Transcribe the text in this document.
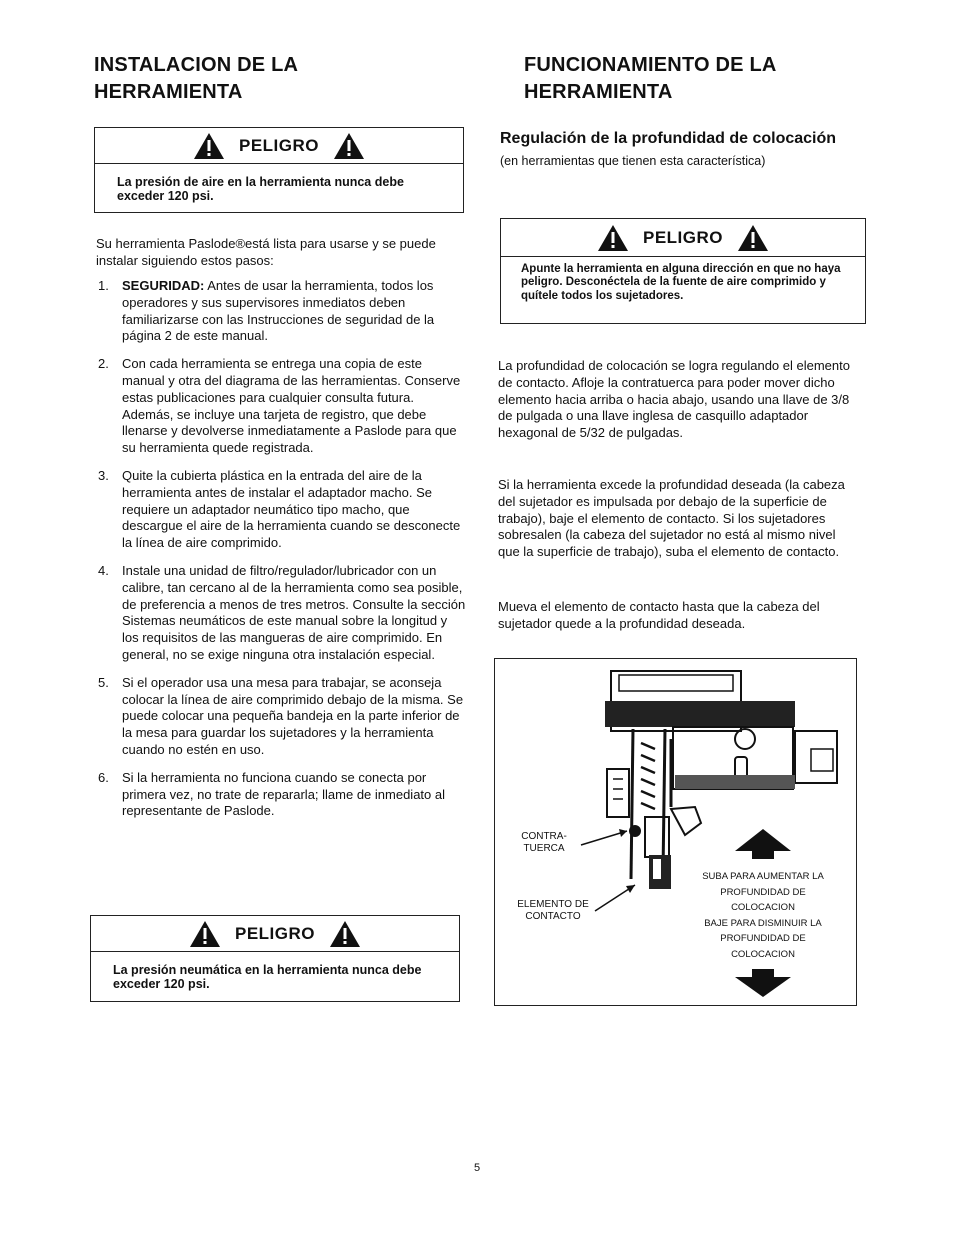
INSTALACION DE LA
HERRAMIENTA
PELIGRO
La presión de aire en la herramienta nunca debe exceder 120 psi.

Su herramienta Paslode®está lista para usarse y se puede instalar siguiendo estos pasos:

1. SEGURIDAD: Antes de usar la herramienta, todos los operadores y sus supervisores inmediatos deben familiarizarse con las Instrucciones de seguridad de la página 2 de este manual.
2. Con cada herramienta se entrega una copia de este manual y otra del diagrama de las herramientas. Conserve estas publicaciones para cualquier consulta futura. Además, se incluye una tarjeta de registro, que debe llenarse y devolverse inmediatamente a Paslode para que su herramienta quede registrada.
3. Quite la cubierta plástica en la entrada del aire de la herramienta antes de instalar el adaptador macho. Se requiere un adaptador neumático tipo macho, que descargue el aire de la herramienta cuando se desconecte la línea de aire comprimido.
4. Instale una unidad de filtro/regulador/lubricador con un calibre, tan cercano al de la herramienta como sea posible, de preferencia a menos de tres metros. Consulte la sección Sistemas neumáticos de este manual sobre la longitud y los requisitos de las mangueras de aire comprimido. En general, no se exige ninguna otra instalación especial.
5. Si el operador usa una mesa para trabajar, se aconseja colocar la línea de aire comprimido debajo de la misma. Se puede colocar una pequeña bandeja en la parte inferior de la mesa para guardar los sujetadores y la herramienta cuando no estén en uso.
6. Si la herramienta no funciona cuando se conecta por primera vez, no trate de repararla; llame de inmediato al representante de Paslode.
PELIGRO
La presión neumática en la herramienta nunca debe exceder 120 psi.
FUNCIONAMIENTO DE LA
HERRAMIENTA

Regulación de la profundidad de colocación (en herramientas que tienen esta característica)

PELIGRO
Apunte la herramienta en alguna dirección en que no haya peligro. Desconéctela de la fuente de aire comprimido y quítele todos los sujetadores.

La profundidad de colocación se logra regulando el elemento de contacto. Afloje la contratuerca para poder mover dicho elemento hacia arriba o hacia abajo, usando una llave de 3/8 de pulgada o una llave inglesa de casquillo adaptador hexagonal de 5/32 de pulgadas.

Si la herramienta excede la profundidad deseada (la cabeza del sujetador es impulsada por debajo de la superficie de trabajo), baje el elemento de contacto. Si los sujetadores sobresalen (la cabeza del sujetador no está al mismo nivel que la superficie de trabajo), suba el elemento de contacto.

Mueva el elemento de contacto hasta que la cabeza del sujetador quede a la profundidad deseada.

CONTRA-
TUERCA
ELEMENTO DE
CONTACTO
SUBA PARA AUMENTAR LA
PROFUNDIDAD DE
COLOCACION
BAJE PARA DISMINUIR LA
PROFUNDIDAD DE
COLOCACION
5
